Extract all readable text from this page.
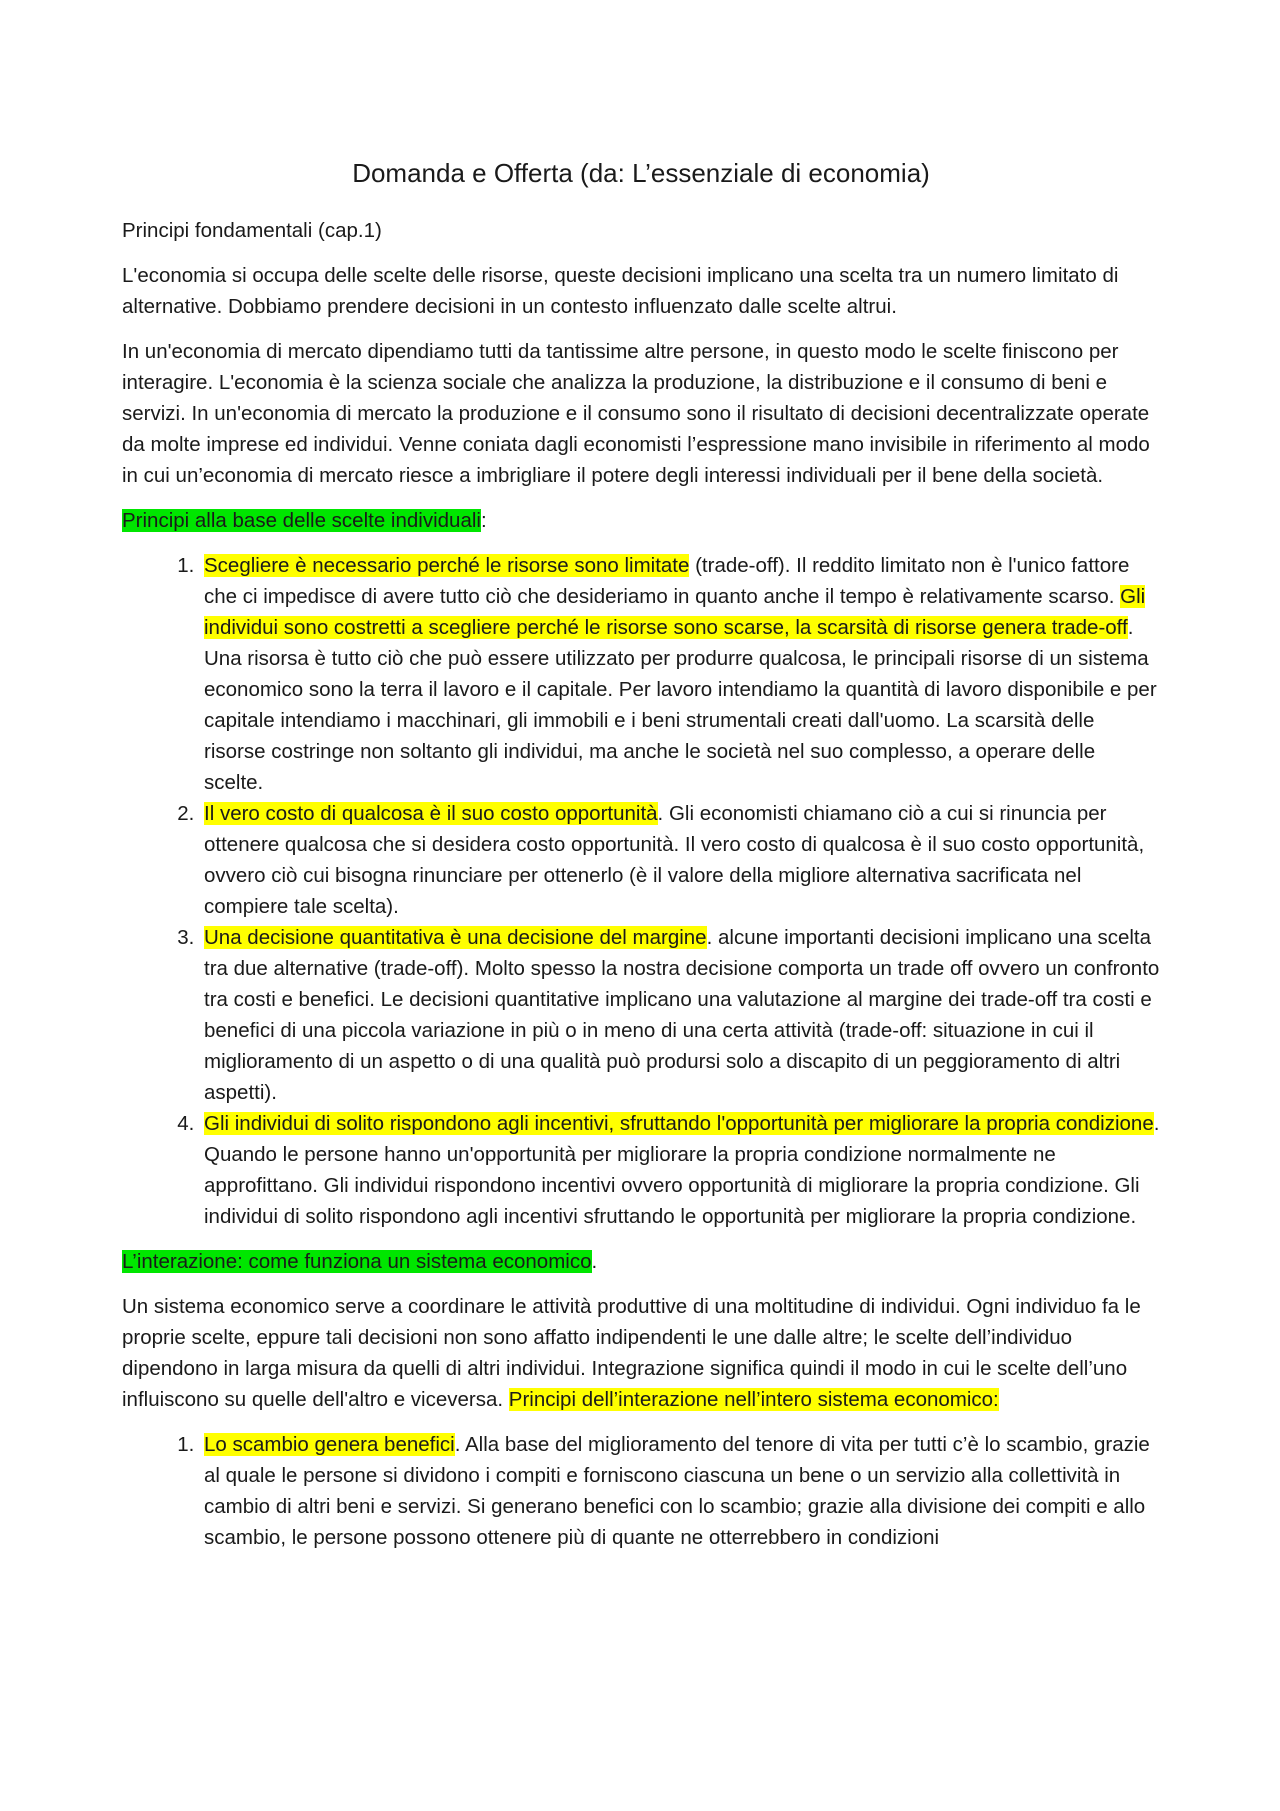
Domanda e Offerta (da: L’essenziale di economia)

Principi fondamentali (cap.1)

L'economia si occupa delle scelte delle risorse, queste decisioni implicano una scelta tra un numero limitato di alternative. Dobbiamo prendere decisioni in un contesto influenzato dalle scelte altrui.

In un'economia di mercato dipendiamo tutti da tantissime altre persone, in questo modo le scelte finiscono per interagire. L'economia è la scienza sociale che analizza la produzione, la distribuzione e il consumo di beni e servizi. In un'economia di mercato la produzione e il consumo sono il risultato di decisioni decentralizzate operate da molte imprese ed individui. Venne coniata dagli economisti l’espressione mano invisibile in riferimento al modo in cui un’economia di mercato riesce a imbrigliare il potere degli interessi individuali per il bene della società.

Principi alla base delle scelte individuali:

1. Scegliere è necessario perché le risorse sono limitate (trade-off). Il reddito limitato non è l'unico fattore che ci impedisce di avere tutto ciò che desideriamo in quanto anche il tempo è relativamente scarso. Gli individui sono costretti a scegliere perché le risorse sono scarse, la scarsità di risorse genera trade-off. Una risorsa è tutto ciò che può essere utilizzato per produrre qualcosa, le principali risorse di un sistema economico sono la terra il lavoro e il capitale. Per lavoro intendiamo la quantità di lavoro disponibile e per capitale intendiamo i macchinari, gli immobili e i beni strumentali creati dall'uomo. La scarsità delle risorse costringe non soltanto gli individui, ma anche le società nel suo complesso, a operare delle scelte.
2. Il vero costo di qualcosa è il suo costo opportunità. Gli economisti chiamano ciò a cui si rinuncia per ottenere qualcosa che si desidera costo opportunità. Il vero costo di qualcosa è il suo costo opportunità, ovvero ciò cui bisogna rinunciare per ottenerlo (è il valore della migliore alternativa sacrificata nel compiere tale scelta).
3. Una decisione quantitativa è una decisione del margine. alcune importanti decisioni implicano una scelta tra due alternative (trade-off). Molto spesso la nostra decisione comporta un trade off ovvero un confronto tra costi e benefici. Le decisioni quantitative implicano una valutazione al margine dei trade-off tra costi e benefici di una piccola variazione in più o in meno di una certa attività (trade-off: situazione in cui il miglioramento di un aspetto o di una qualità può prodursi solo a discapito di un peggioramento di altri aspetti).
4. Gli individui di solito rispondono agli incentivi, sfruttando l'opportunità per migliorare la propria condizione. Quando le persone hanno un'opportunità per migliorare la propria condizione normalmente ne approfittano. Gli individui rispondono incentivi ovvero opportunità di migliorare la propria condizione. Gli individui di solito rispondono agli incentivi sfruttando le opportunità per migliorare la propria condizione.

L’interazione: come funziona un sistema economico.

Un sistema economico serve a coordinare le attività produttive di una moltitudine di individui. Ogni individuo fa le proprie scelte, eppure tali decisioni non sono affatto indipendenti le une dalle altre; le scelte dell’individuo dipendono in larga misura da quelli di altri individui. Integrazione significa quindi il modo in cui le scelte dell’uno influiscono su quelle dell'altro e viceversa. Principi dell’interazione nell’intero sistema economico:

1. Lo scambio genera benefici. Alla base del miglioramento del tenore di vita per tutti c’è lo scambio, grazie al quale le persone si dividono i compiti e forniscono ciascuna un bene o un servizio alla collettività in cambio di altri beni e servizi. Si generano benefici con lo scambio; grazie alla divisione dei compiti e allo scambio, le persone possono ottenere più di quante ne otterrebbero in condizioni
